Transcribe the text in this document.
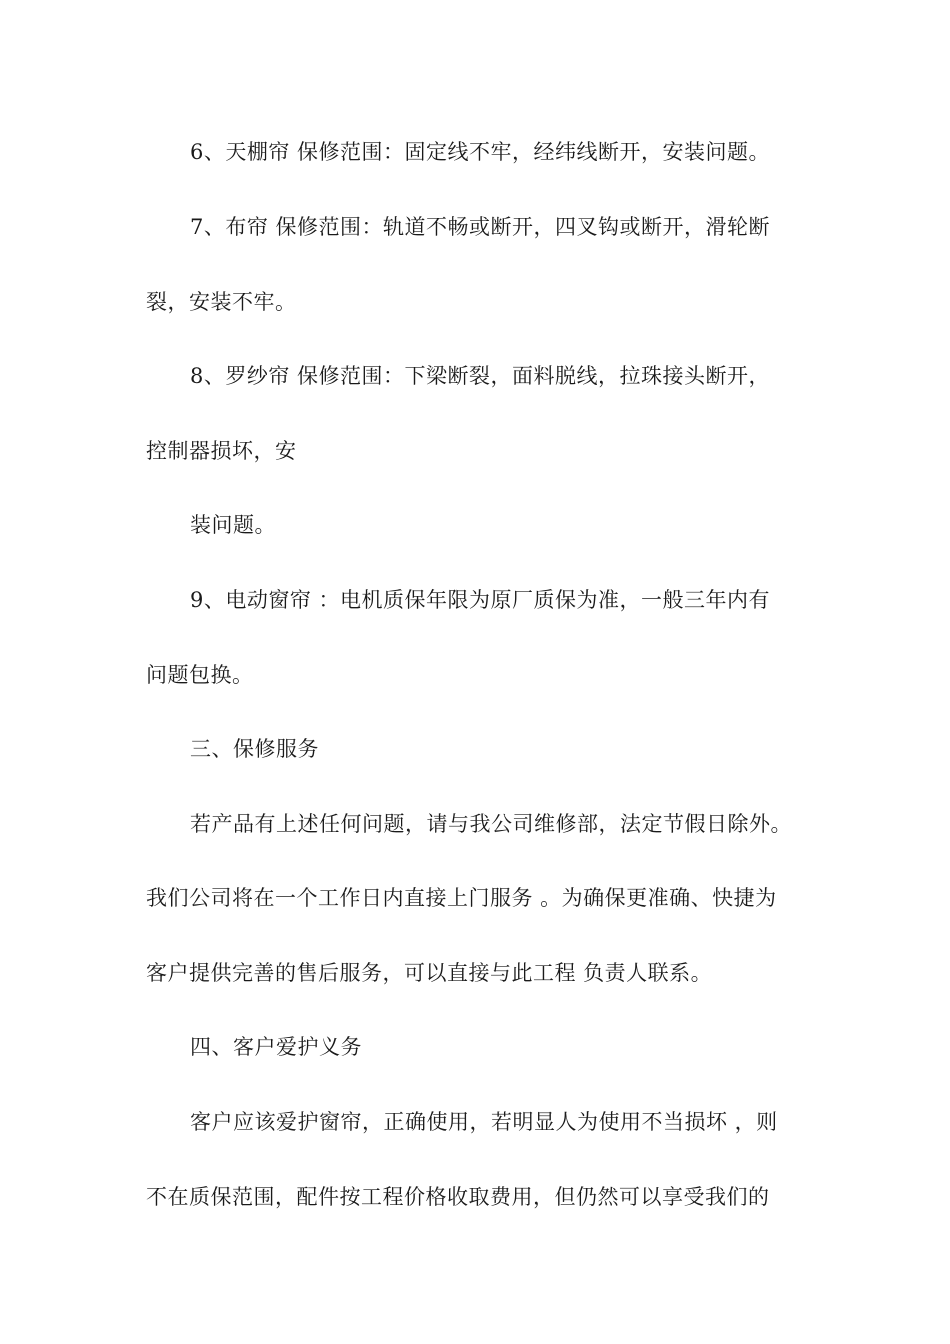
6、天棚帘 保修范围：固定线不牢，经纬线断开，安装问题。

7、布帘 保修范围：轨道不畅或断开，四叉钩或断开，滑轮断

裂，安装不牢。

8、罗纱帘 保修范围：下梁断裂，面料脱线，拉珠接头断开，

控制器损坏，安

装问题。

9、电动窗帘 ：电机质保年限为原厂质保为准，一般三年内有

问题包换。

三、保修服务

若产品有上述任何问题，请与我公司维修部，法定节假日除外。

我们公司将在一个工作日内直接上门服务 。为确保更准确、快捷为

客户提供完善的售后服务，可以直接与此工程 负责人联系。

四、客户爱护义务

客户应该爱护窗帘，正确使用，若明显人为使用不当损坏 ，则

不在质保范围，配件按工程价格收取费用，但仍然可以享受我们的
